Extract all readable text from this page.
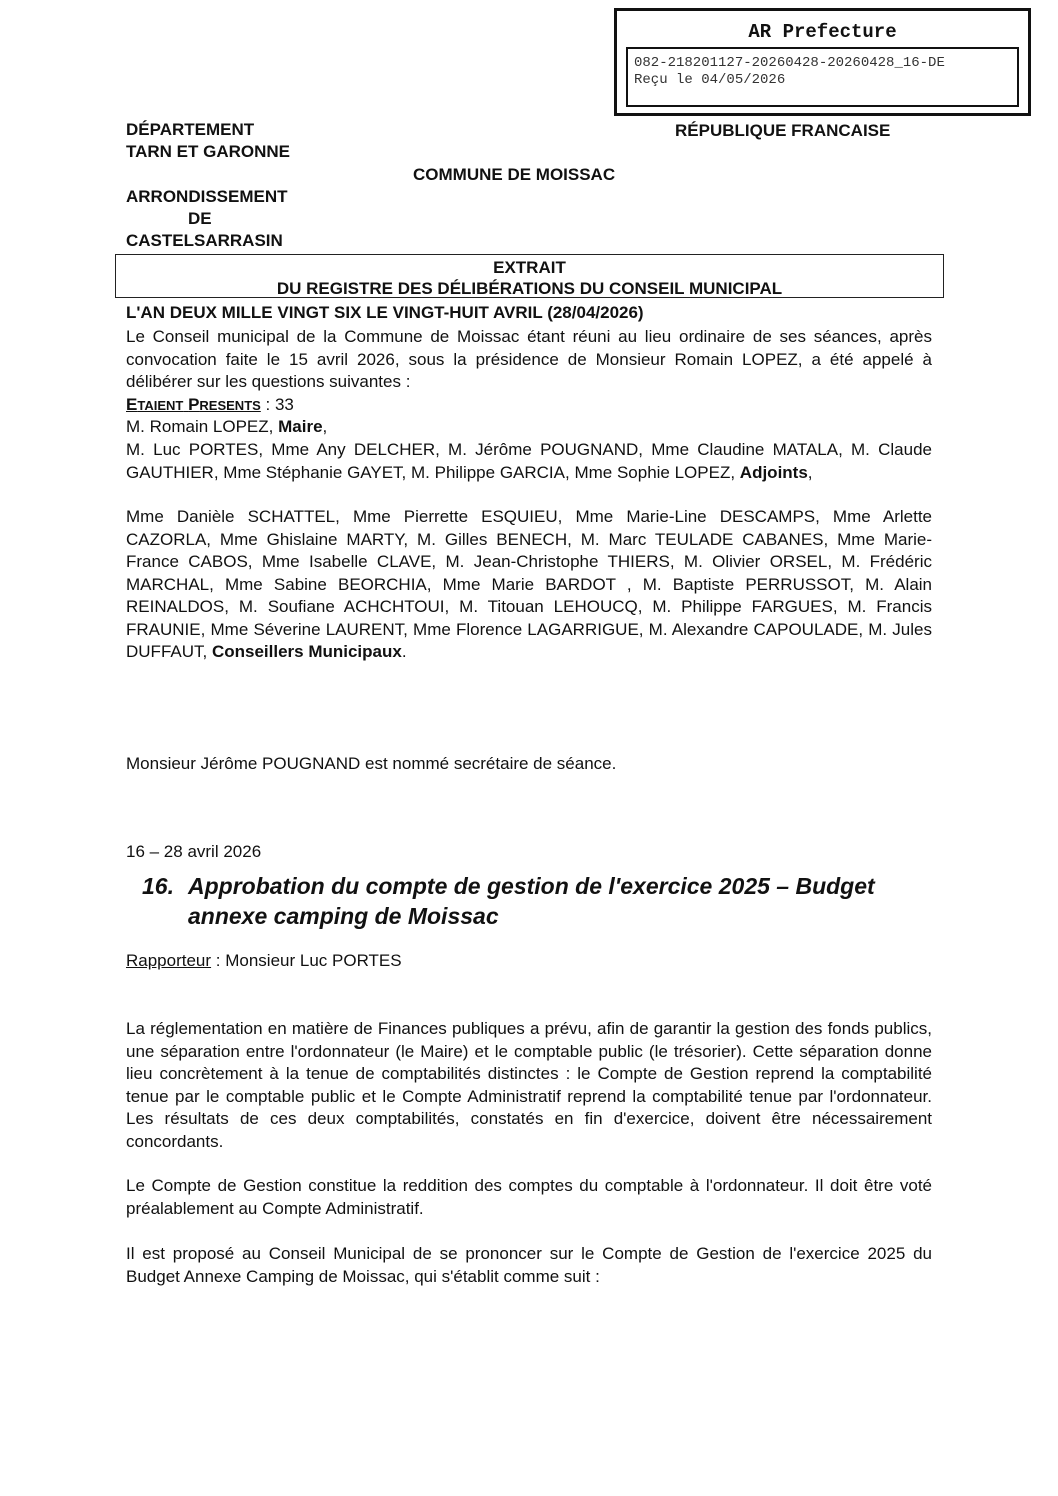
AR Prefecture
082-218201127-20260428-20260428_16-DE
Reçu le 04/05/2026
DÉPARTEMENT
TARN ET GARONNE
RÉPUBLIQUE FRANCAISE
COMMUNE DE MOISSAC
ARRONDISSEMENT
DE
CASTELSARRASIN
EXTRAIT
DU REGISTRE DES DÉLIBÉRATIONS DU CONSEIL MUNICIPAL
L'AN DEUX MILLE VINGT SIX LE VINGT-HUIT AVRIL (28/04/2026)
Le Conseil municipal de la Commune de Moissac étant réuni au lieu ordinaire de ses séances, après convocation faite le 15 avril 2026, sous la présidence de Monsieur Romain LOPEZ, a été appelé à délibérer sur les questions suivantes :
ETAIENT PRESENTS : 33
M. Romain LOPEZ, Maire,
M. Luc PORTES, Mme Any DELCHER, M. Jérôme POUGNAND, Mme Claudine MATALA, M. Claude GAUTHIER, Mme Stéphanie GAYET, M. Philippe GARCIA, Mme Sophie LOPEZ, Adjoints,
Mme Danièle SCHATTEL, Mme Pierrette ESQUIEU, Mme Marie-Line DESCAMPS, Mme Arlette CAZORLA, Mme Ghislaine MARTY, M. Gilles BENECH, M. Marc TEULADE CABANES, Mme Marie-France CABOS, Mme Isabelle CLAVE, M. Jean-Christophe THIERS, M. Olivier ORSEL, M. Frédéric MARCHAL, Mme Sabine BEORCHIA, Mme Marie BARDOT , M. Baptiste PERRUSSOT, M. Alain REINALDOS, M. Soufiane ACHCHTOUI, M. Titouan LEHOUCQ, M. Philippe FARGUES, M. Francis FRAUNIE, Mme Séverine LAURENT, Mme Florence LAGARRIGUE, M. Alexandre CAPOULADE, M. Jules DUFFAUT, Conseillers Municipaux.
Monsieur Jérôme POUGNAND est nommé secrétaire de séance.
16 – 28 avril 2026
16. Approbation du compte de gestion de l'exercice 2025 – Budget
annexe camping de Moissac
Rapporteur : Monsieur Luc PORTES
La réglementation en matière de Finances publiques a prévu, afin de garantir la gestion des fonds publics, une séparation entre l'ordonnateur (le Maire) et le comptable public (le trésorier). Cette séparation donne lieu concrètement à la tenue de comptabilités distinctes : le Compte de Gestion reprend la comptabilité tenue par le comptable public et le Compte Administratif reprend la comptabilité tenue par l'ordonnateur. Les résultats de ces deux comptabilités, constatés en fin d'exercice, doivent être nécessairement concordants.
Le Compte de Gestion constitue la reddition des comptes du comptable à l'ordonnateur. Il doit être voté préalablement au Compte Administratif.
Il est proposé au Conseil Municipal de se prononcer sur le Compte de Gestion de l'exercice 2025 du Budget Annexe Camping de Moissac, qui s'établit comme suit :
